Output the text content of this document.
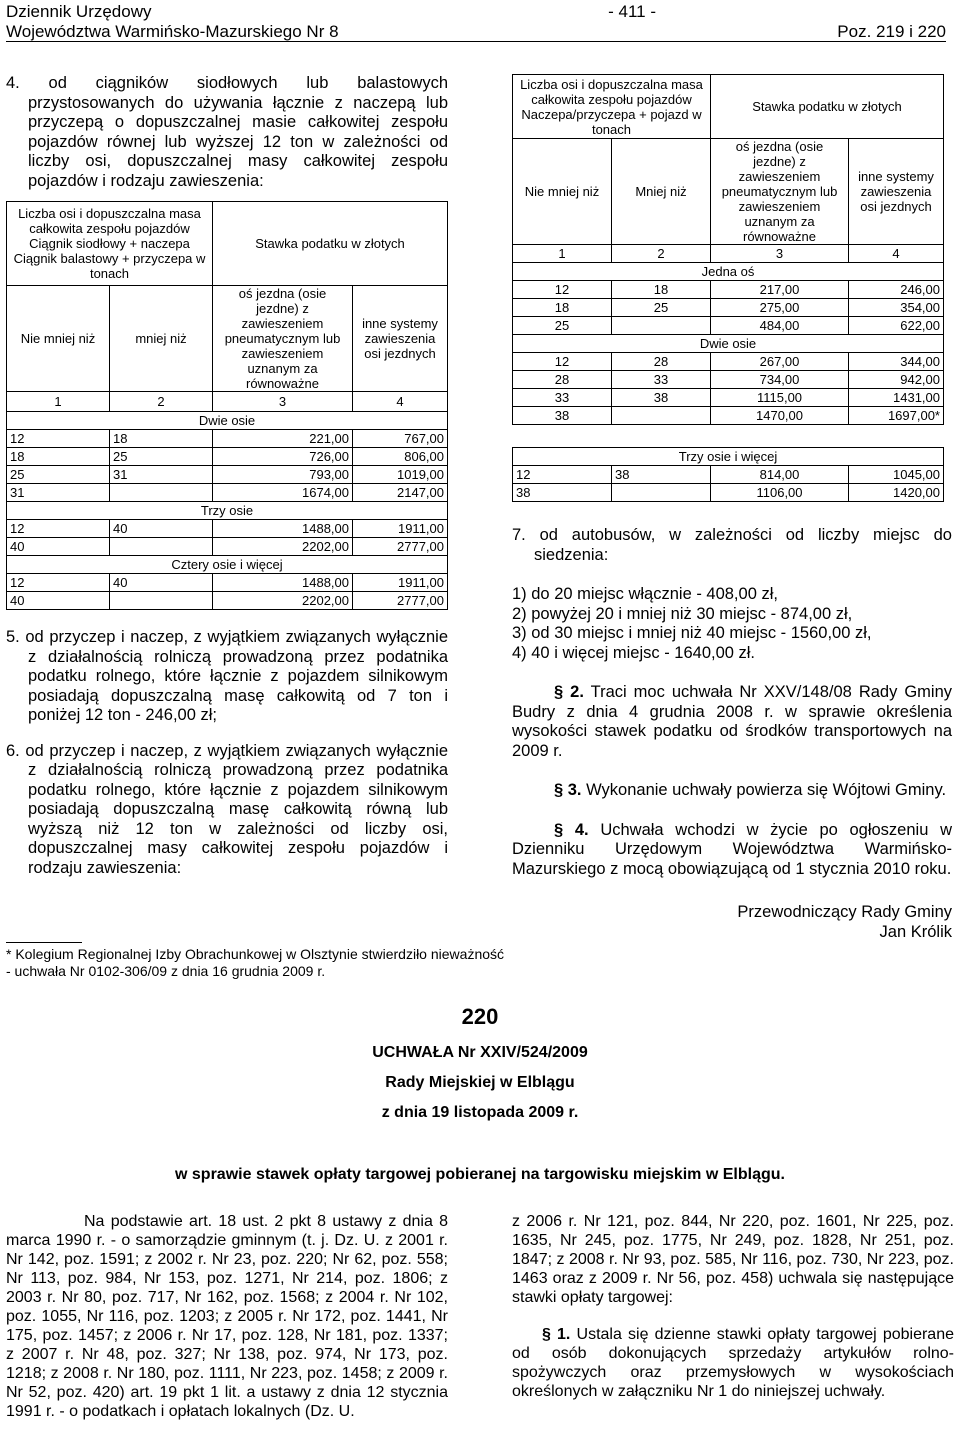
Dziennik Urzędowy	- 411 -
Województwa Warmińsko-Mazurskiego Nr 8	Poz. 219 i 220

4. od ciągników siodłowych lub balastowych przystosowanych do używania łącznie z naczepą lub przyczepą o dopuszczalnej masie całkowitej zespołu pojazdów równej lub wyższej 12 ton w zależności od liczby osi, dopuszczalnej masy całkowitej zespołu pojazdów i rodzaju zawieszenia:

Liczba osi i dopuszczalna masa całkowita zespołu pojazdów Ciągnik siodłowy + naczepa Ciągnik balastowy + przyczepa w tonach		Stawka podatku w złotych	
Nie mniej niż	mniej niż	oś jezdna (osie jezdne) z zawieszeniem pneumatycznym lub zawieszeniem uznanym za równoważne	inne systemy zawieszenia osi jezdnych
1	2	3	4
Dwie osie			
12	18	221,00	767,00
18	25	726,00	806,00
25	31	793,00	1019,00
31		1674,00	2147,00
Trzy osie			
12	40	1488,00	1911,00
40		2202,00	2777,00
Cztery osie i więcej			
12	40	1488,00	1911,00
40		2202,00	2777,00

5. od przyczep i naczep, z wyjątkiem związanych wyłącznie z działalnością rolniczą prowadzoną przez podatnika podatku rolnego, które łącznie z pojazdem silnikowym posiadają dopuszczalną masę całkowitą od 7 ton i poniżej 12 ton - 246,00 zł;

6. od przyczep i naczep, z wyjątkiem związanych wyłącznie z działalnością rolniczą prowadzoną przez podatnika podatku rolnego, które łącznie z pojazdem silnikowym posiadają dopuszczalną masę całkowitą równą lub wyższą niż 12 ton w zależności od liczby osi, dopuszczalnej masy całkowitej zespołu pojazdów i rodzaju zawieszenia:

Liczba osi i dopuszczalna masa całkowita zespołu pojazdów Naczepa/przyczepa + pojazd w tonach		Stawka podatku w złotych	
Nie mniej niż	Mniej niż	oś jezdna (osie jezdne) z zawieszeniem pneumatycznym lub zawieszeniem uznanym za równoważne	inne systemy zawieszenia osi jezdnych
1	2	3	4
Jedna oś			
12	18	217,00	246,00
18	25	275,00	354,00
25		484,00	622,00
Dwie osie			
12	28	267,00	344,00
28	33	734,00	942,00
33	38	1115,00	1431,00
38		1470,00	1697,00*
Trzy osie i więcej			
12	38	814,00	1045,00
38		1106,00	1420,00

7. od autobusów, w zależności od liczby miejsc do siedzenia:

1) do 20 miejsc włącznie - 408,00 zł,
2) powyżej 20 i mniej niż 30 miejsc - 874,00 zł,
3) od 30 miejsc i mniej niż 40 miejsc - 1560,00 zł,
4) 40 i więcej miejsc - 1640,00 zł.

§ 2. Traci moc uchwała Nr XXV/148/08 Rady Gminy Budry z dnia 4 grudnia 2008 r. w sprawie określenia wysokości stawek podatku od środków transportowych na 2009 r.

§ 3. Wykonanie uchwały powierza się Wójtowi Gminy.

§ 4. Uchwała wchodzi w życie po ogłoszeniu w Dzienniku Urzędowym Województwa Warmińsko-Mazurskiego z mocą obowiązującą od 1 stycznia 2010 roku.

Przewodniczący Rady Gminy

Jan Królik

* Kolegium Regionalnej Izby Obrachunkowej w Olsztynie stwierdziło nieważność
- uchwała Nr 0102-306/09 z dnia 16 grudnia 2009 r.
220
UCHWAŁA Nr XXIV/524/2009
Rady Miejskiej w Elblągu
z dnia 19 listopada 2009 r.
w sprawie stawek opłaty targowej pobieranej na targowisku miejskim w Elblągu.

Na podstawie art. 18 ust. 2 pkt 8 ustawy z dnia 8 marca 1990 r. - o samorządzie gminnym (t. j. Dz. U. z 2001 r. Nr 142, poz. 1591; z 2002 r. Nr 23, poz. 220; Nr 62, poz. 558; Nr 113, poz. 984, Nr 153, poz. 1271, Nr 214, poz. 1806; z 2003 r. Nr 80, poz. 717, Nr 162, poz. 1568; z 2004 r. Nr 102, poz. 1055, Nr 116, poz. 1203; z 2005 r. Nr 172, poz. 1441, Nr 175, poz. 1457; z 2006 r. Nr 17, poz. 128, Nr 181, poz. 1337; z 2007 r. Nr 48, poz. 327; Nr 138, poz. 974, Nr 173, poz. 1218; z 2008 r. Nr 180, poz. 1111, Nr 223, poz. 1458; z 2009 r. Nr 52, poz. 420) art. 19 pkt 1 lit. a ustawy z dnia 12 stycznia 1991 r. - o podatkach i opłatach lokalnych (Dz. U.

z 2006 r. Nr 121, poz. 844, Nr 220, poz. 1601, Nr 225, poz. 1635, Nr 245, poz. 1775, Nr 249, poz. 1828, Nr 251, poz. 1847; z 2008 r. Nr 93, poz. 585, Nr 116, poz. 730, Nr 223, poz. 1463 oraz z 2009 r. Nr 56, poz. 458) uchwala się następujące stawki opłaty targowej:

§ 1. Ustala się dzienne stawki opłaty targowej pobierane od osób dokonujących sprzedaży artykułów rolno-spożywczych oraz przemysłowych w wysokościach określonych w załączniku Nr 1 do niniejszej uchwały.
